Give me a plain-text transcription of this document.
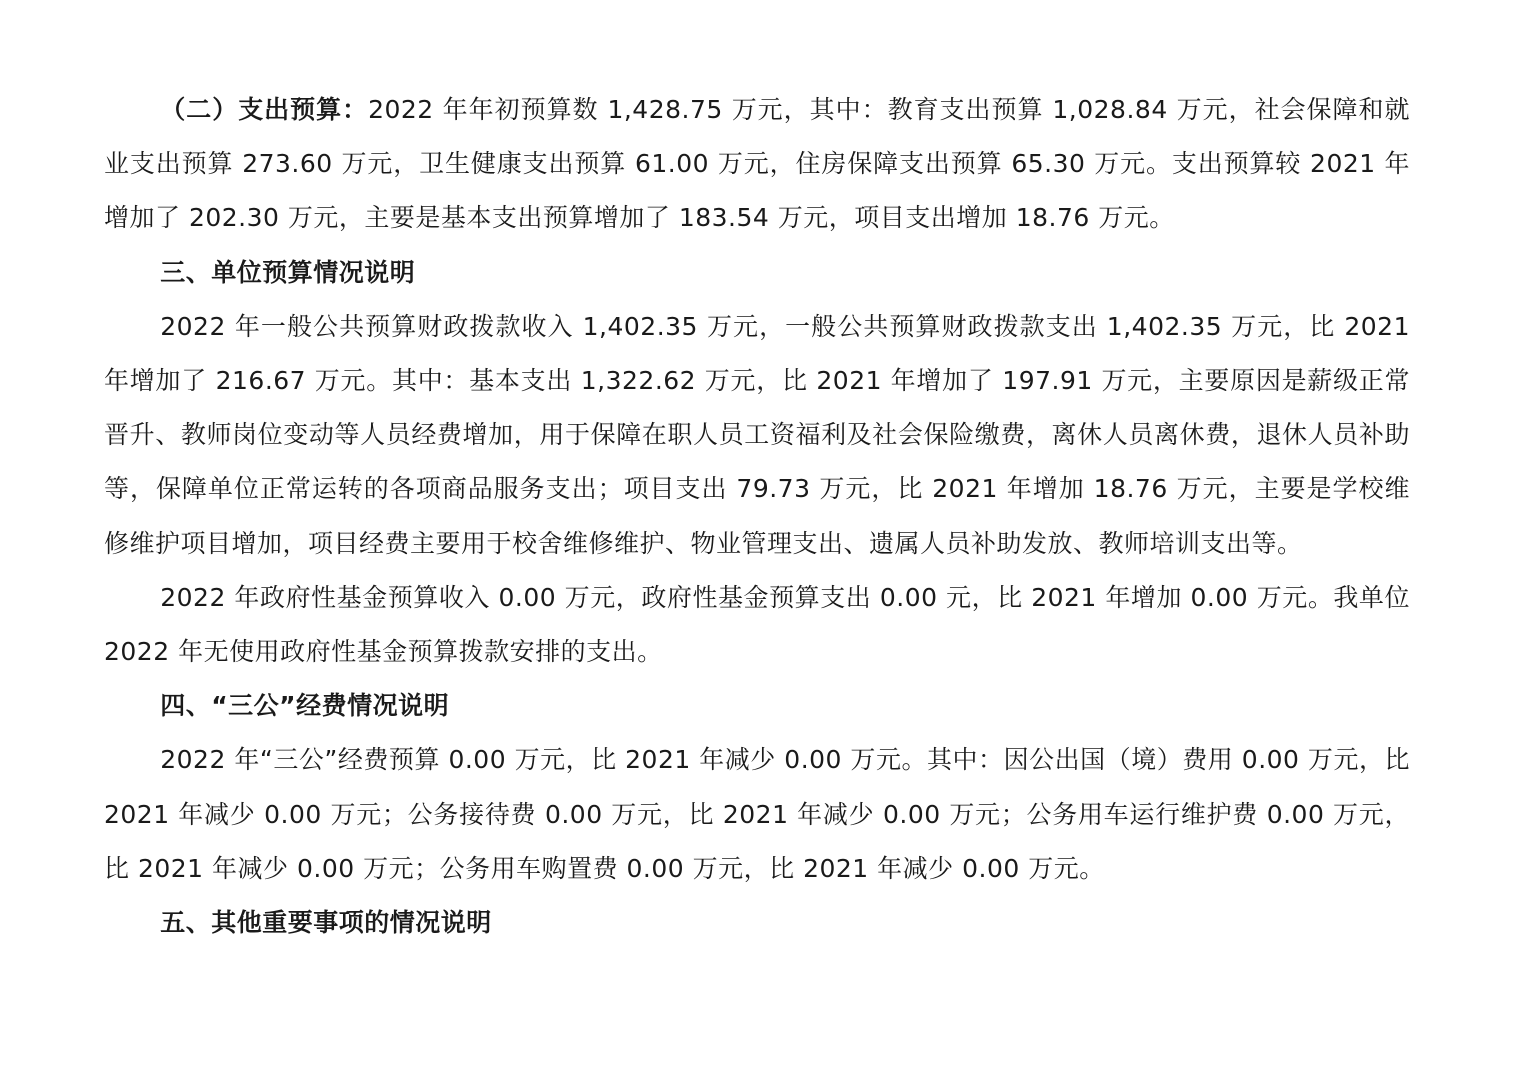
（二）支出预算：2022 年年初预算数 1,428.75 万元，其中：教育支出预算 1,028.84 万元，社会保障和就业支出预算 273.60 万元，卫生健康支出预算 61.00 万元，住房保障支出预算 65.30 万元。支出预算较 2021 年增加了 202.30 万元，主要是基本支出预算增加了 183.54 万元，项目支出增加 18.76 万元。

三、单位预算情况说明

2022 年一般公共预算财政拨款收入 1,402.35 万元，一般公共预算财政拨款支出 1,402.35 万元，比 2021 年增加了 216.67 万元。其中：基本支出 1,322.62 万元，比 2021 年增加了 197.91 万元，主要原因是薪级正常晋升、教师岗位变动等人员经费增加，用于保障在职人员工资福利及社会保险缴费，离休人员离休费，退休人员补助等，保障单位正常运转的各项商品服务支出；项目支出 79.73 万元，比 2021 年增加 18.76 万元，主要是学校维修维护项目增加，项目经费主要用于校舍维修维护、物业管理支出、遗属人员补助发放、教师培训支出等。

2022 年政府性基金预算收入 0.00 万元，政府性基金预算支出 0.00 元，比 2021 年增加 0.00 万元。我单位 2022 年无使用政府性基金预算拨款安排的支出。

四、“三公”经费情况说明

2022 年“三公”经费预算 0.00 万元，比 2021 年减少 0.00 万元。其中：因公出国（境）费用 0.00 万元，比 2021 年减少 0.00 万元；公务接待费 0.00 万元，比 2021 年减少 0.00 万元；公务用车运行维护费 0.00 万元，比 2021 年减少 0.00 万元；公务用车购置费 0.00 万元，比 2021 年减少 0.00 万元。

五、其他重要事项的情况说明
